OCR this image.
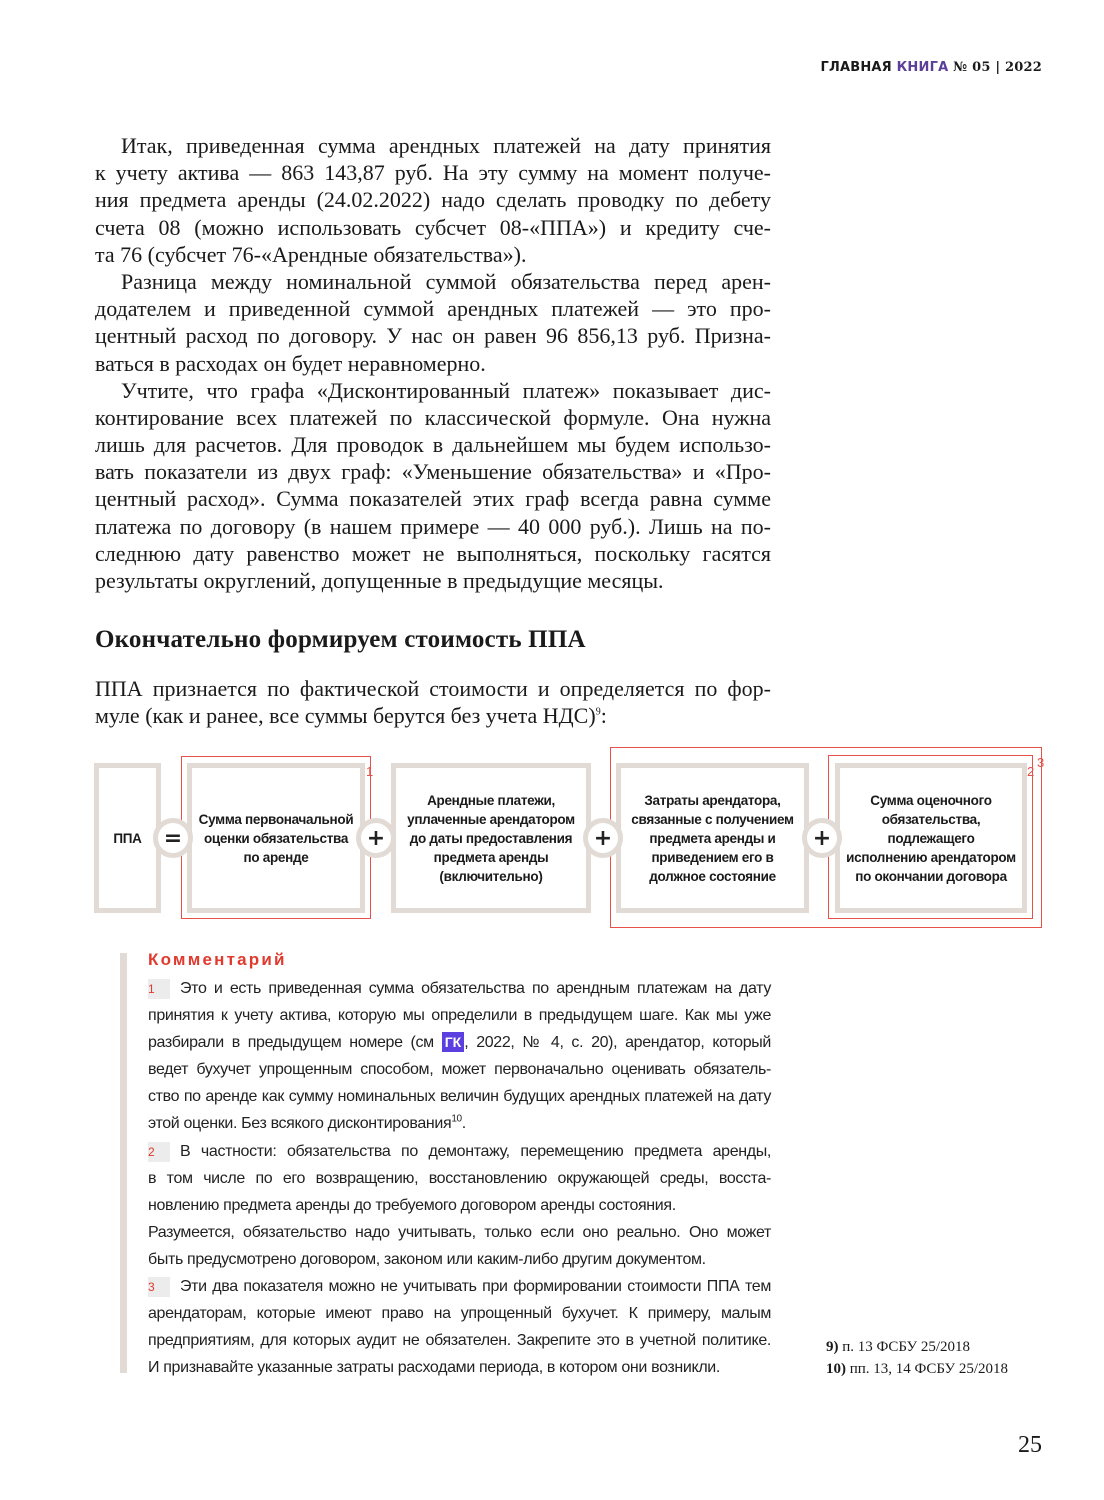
ГЛАВНАЯ КНИГА № 05 | 2022
Итак, приведенная сумма арендных платежей на дату принятия
к учету актива — 863 143,87 руб. На эту сумму на момент получе-
ния предмета аренды (24.02.2022) надо сделать проводку по дебету
счета 08 (можно использовать субсчет 08-«ППА») и кредиту сче-
та 76 (субсчет 76-«Арендные обязательства»).
Разница между номинальной суммой обязательства перед арен-
додателем и приведенной суммой арендных платежей — это про-
центный расход по договору. У нас он равен 96 856,13 руб. Призна-
ваться в расходах он будет неравномерно.
Учтите, что графа «Дисконтированный платеж» показывает дис-
контирование всех платежей по классической формуле. Она нужна
лишь для расчетов. Для проводок в дальнейшем мы будем использо-
вать показатели из двух граф: «Уменьшение обязательства» и «Про-
центный расход». Сумма показателей этих граф всегда равна сумме
платежа по договору (в нашем примере — 40 000 руб.). Лишь на по-
следнюю дату равенство может не выполняться, поскольку гасятся
результаты округлений, допущенные в предыдущие месяцы.
Окончательно формируем стоимость ППА
ППА признается по фактической стоимости и определяется по фор-
муле (как и ранее, все суммы берутся без учета НДС)$^9$:
ППА
Сумма первоначальной оценки обязательства по аренде
Арендные платежи, уплаченные арендатором до даты предоставления предмета аренды (включительно)
Затраты арендатора, связанные с получением предмета аренды и приведением его в должное состояние
Сумма оценочного обязательства, подлежащего исполнению арендатором по окончании договора
=	+	+	+
1	2
3
Комментарий
1 Это и есть приведенная сумма обязательства по арендным платежам на дату
принятия к учету актива, которую мы определили в предыдущем шаге. Как мы уже
разбирали в предыдущем номере (см ГК , 2022, № 4, с. 20), арендатор, который
ведет бухучет упрощенным способом, может первоначально оценивать обязатель-
ство по аренде как сумму номинальных величин будущих арендных платежей на дату
этой оценки. Без всякого дисконтирования$^{10}$.
2 В частности: обязательства по демонтажу, перемещению предмета аренды,
в том числе по его возвращению, восстановлению окружающей среды, восста-
новлению предмета аренды до требуемого договором аренды состояния.
Разумеется, обязательство надо учитывать, только если оно реально. Оно может
быть предусмотрено договором, законом или каким-либо другим документом.
3 Эти два показателя можно не учитывать при формировании стоимости ППА тем
арендаторам, которые имеют право на упрощенный бухучет. К примеру, малым
предприятиям, для которых аудит не обязателен. Закрепите это в учетной политике.
И признавайте указанные затраты расходами периода, в котором они возникли.
9) п. 13 ФСБУ 25/2018
10) пп. 13, 14 ФСБУ 25/2018
25
